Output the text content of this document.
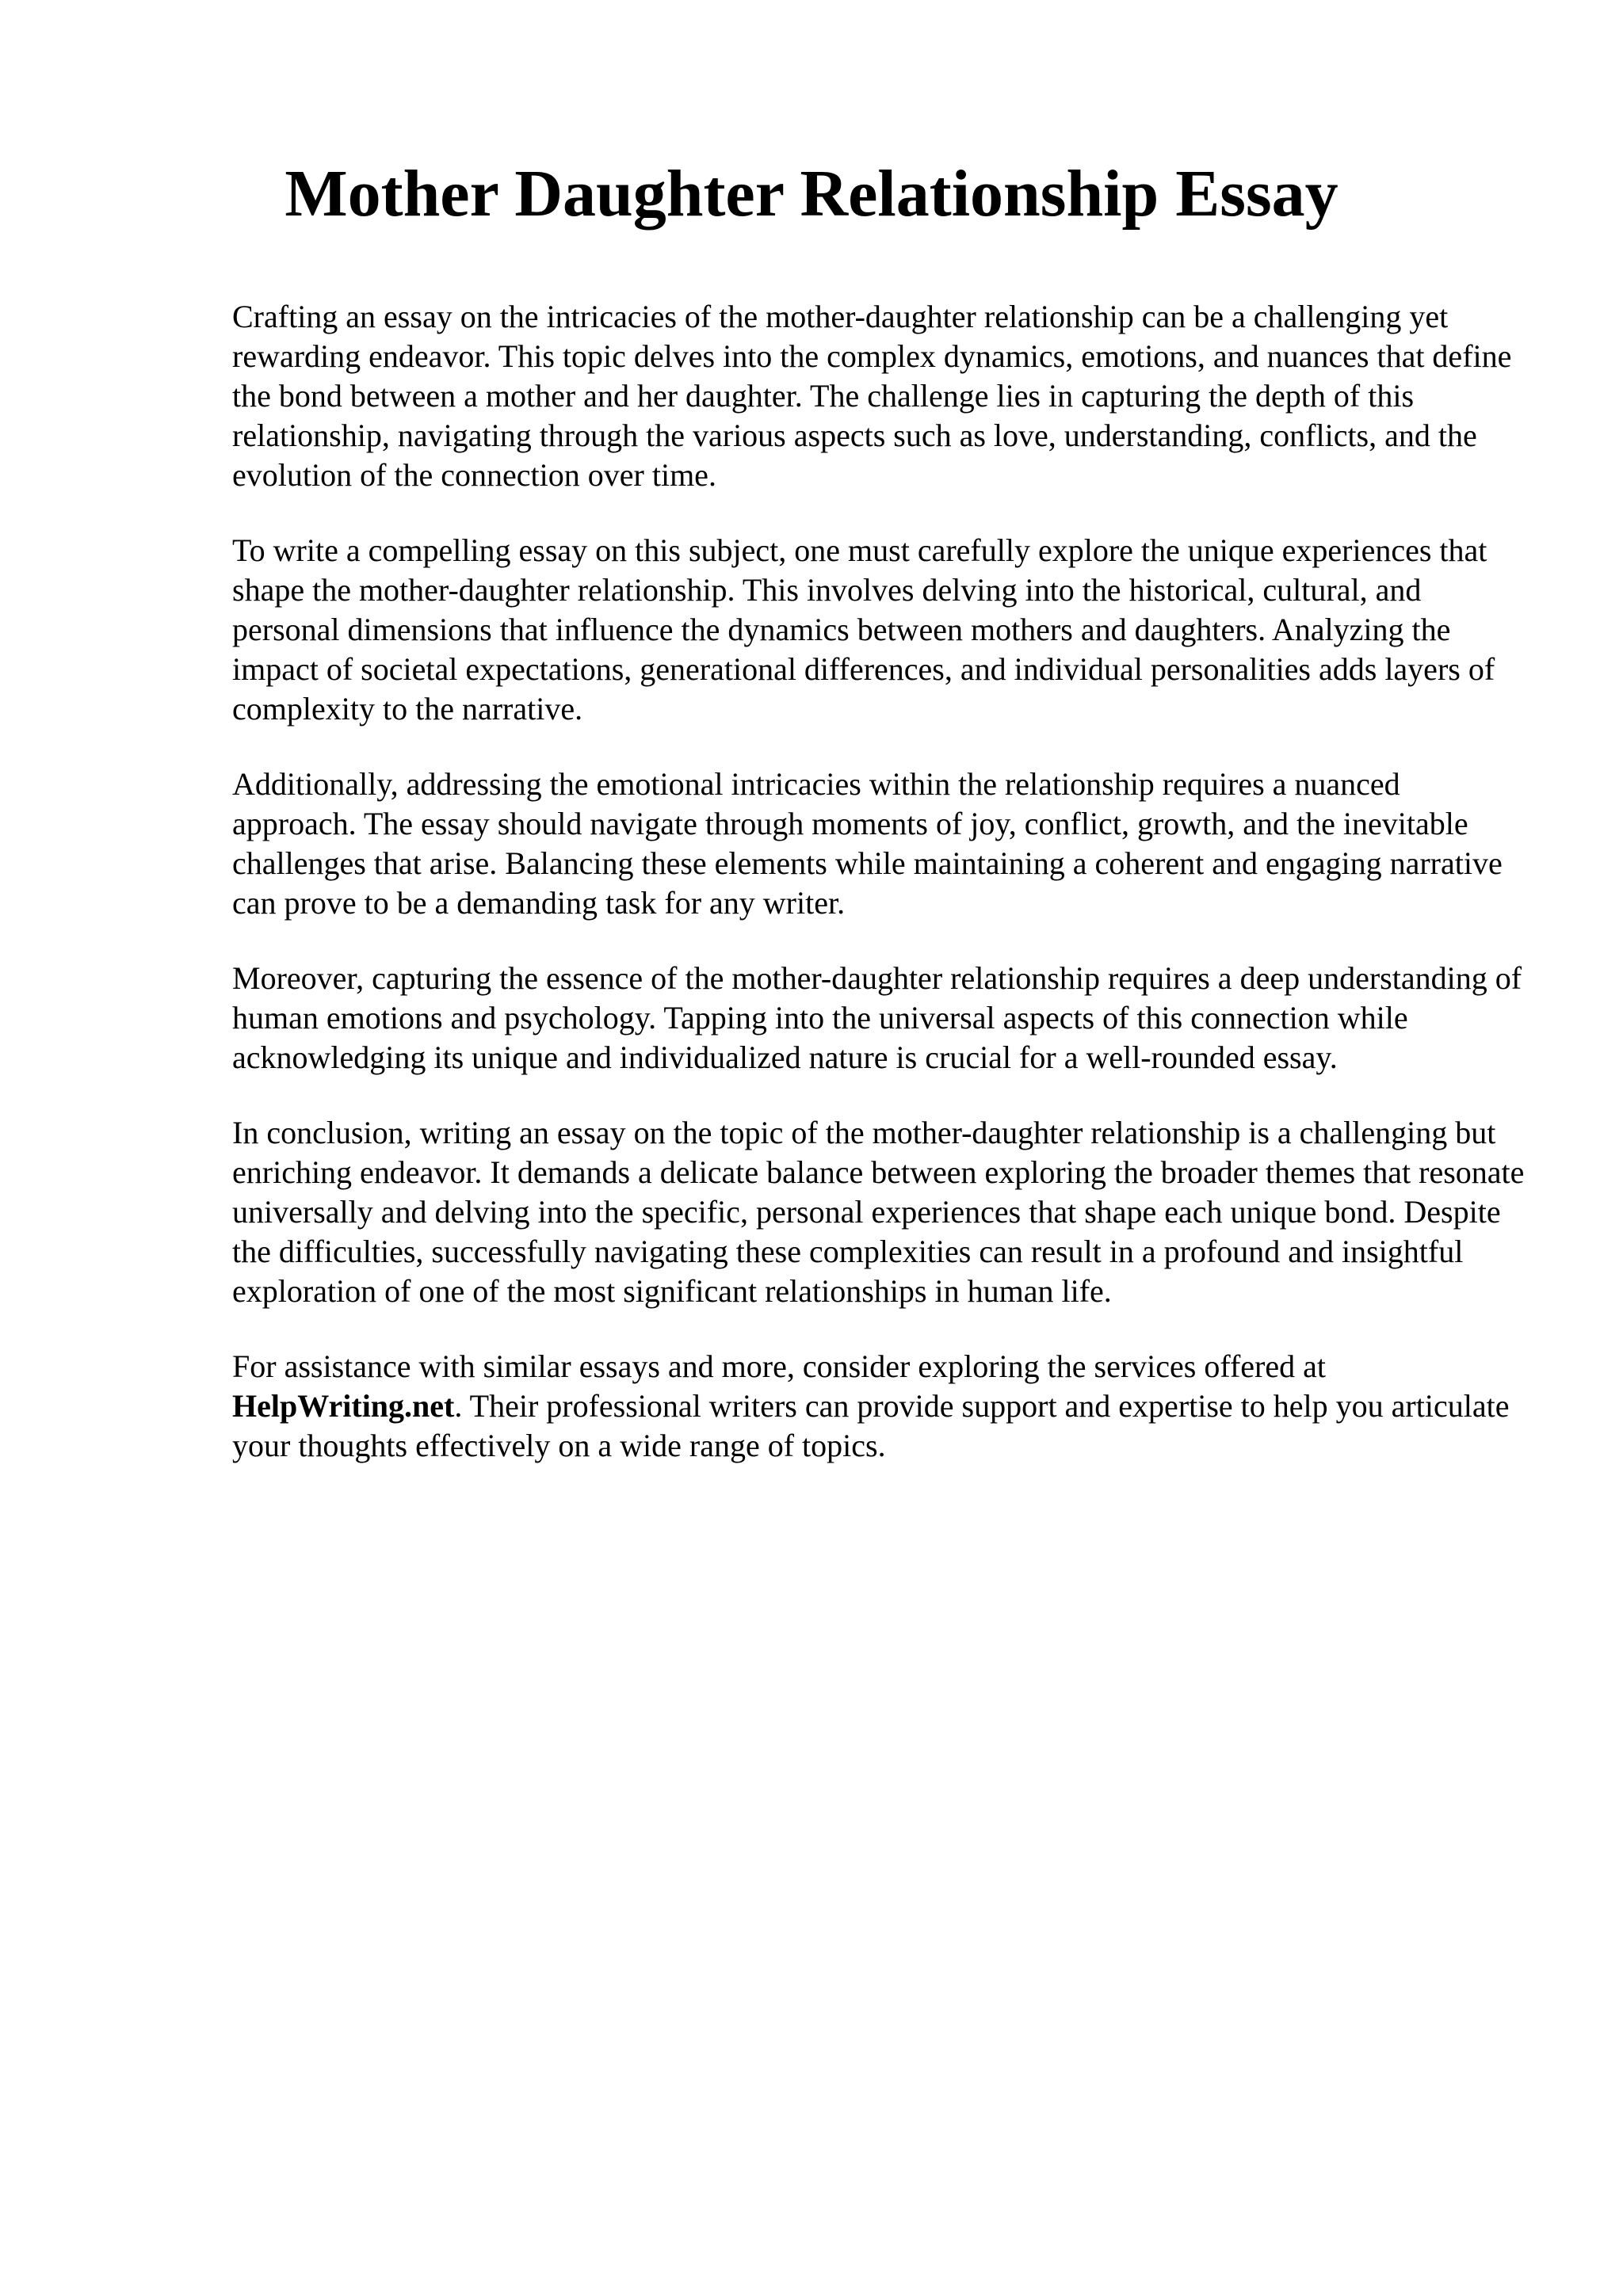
Mother Daughter Relationship Essay

Crafting an essay on the intricacies of the mother-daughter relationship can be a challenging yet rewarding endeavor. This topic delves into the complex dynamics, emotions, and nuances that define the bond between a mother and her daughter. The challenge lies in capturing the depth of this relationship, navigating through the various aspects such as love, understanding, conflicts, and the evolution of the connection over time.

To write a compelling essay on this subject, one must carefully explore the unique experiences that shape the mother-daughter relationship. This involves delving into the historical, cultural, and personal dimensions that influence the dynamics between mothers and daughters. Analyzing the impact of societal expectations, generational differences, and individual personalities adds layers of complexity to the narrative.

Additionally, addressing the emotional intricacies within the relationship requires a nuanced approach. The essay should navigate through moments of joy, conflict, growth, and the inevitable challenges that arise. Balancing these elements while maintaining a coherent and engaging narrative can prove to be a demanding task for any writer.

Moreover, capturing the essence of the mother-daughter relationship requires a deep understanding of human emotions and psychology. Tapping into the universal aspects of this connection while acknowledging its unique and individualized nature is crucial for a well-rounded essay.

In conclusion, writing an essay on the topic of the mother-daughter relationship is a challenging but enriching endeavor. It demands a delicate balance between exploring the broader themes that resonate universally and delving into the specific, personal experiences that shape each unique bond. Despite the difficulties, successfully navigating these complexities can result in a profound and insightful exploration of one of the most significant relationships in human life.

For assistance with similar essays and more, consider exploring the services offered at HelpWriting.net. Their professional writers can provide support and expertise to help you articulate your thoughts effectively on a wide range of topics.
